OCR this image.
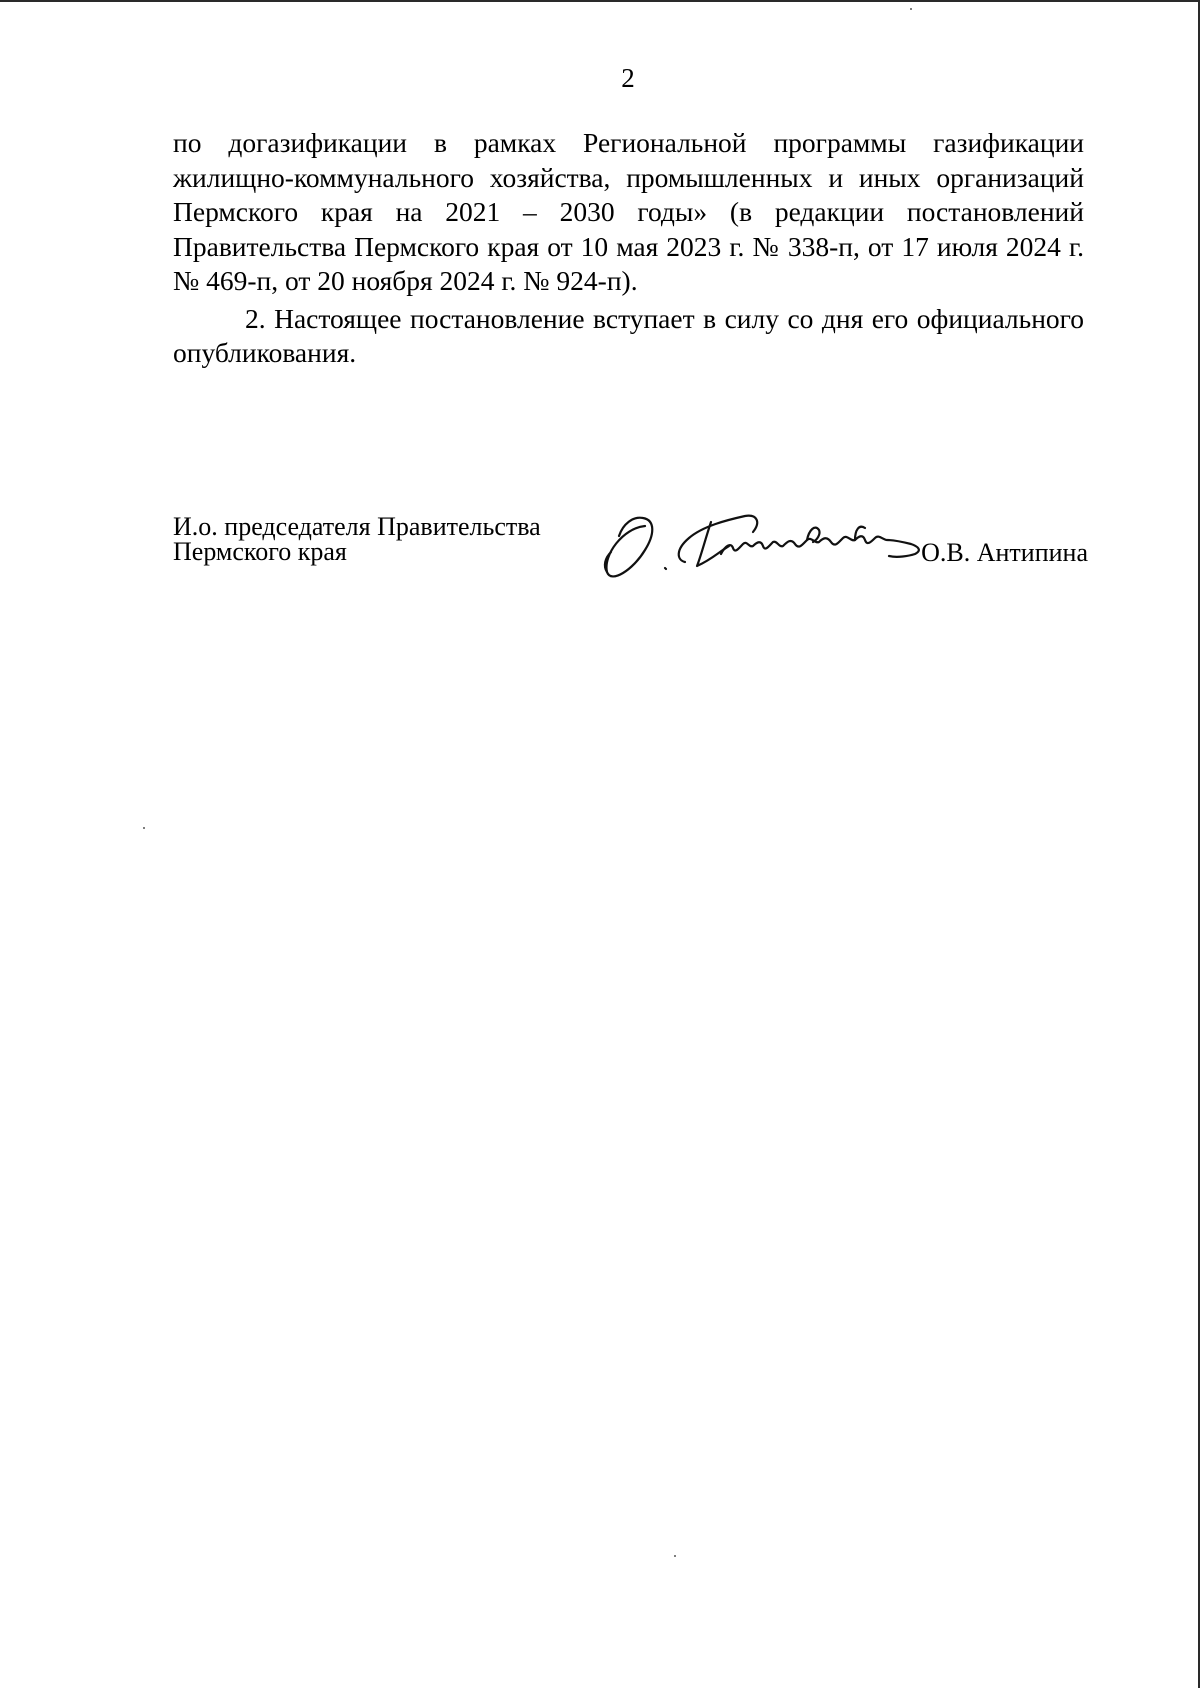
2

по догазификации в рамках Региональной программы газификации жилищно-коммунального хозяйства, промышленных и иных организаций Пермского края на 2021 – 2030 годы» (в редакции постановлений Правительства Пермского края от 10 мая 2023 г. № 338-п, от 17 июля 2024 г. № 469-п, от 20 ноября 2024 г. № 924-п).

2. Настоящее постановление вступает в силу со дня его официального опубликования.

И.о. председателя Правительства
Пермского края	О.В. Антипина
